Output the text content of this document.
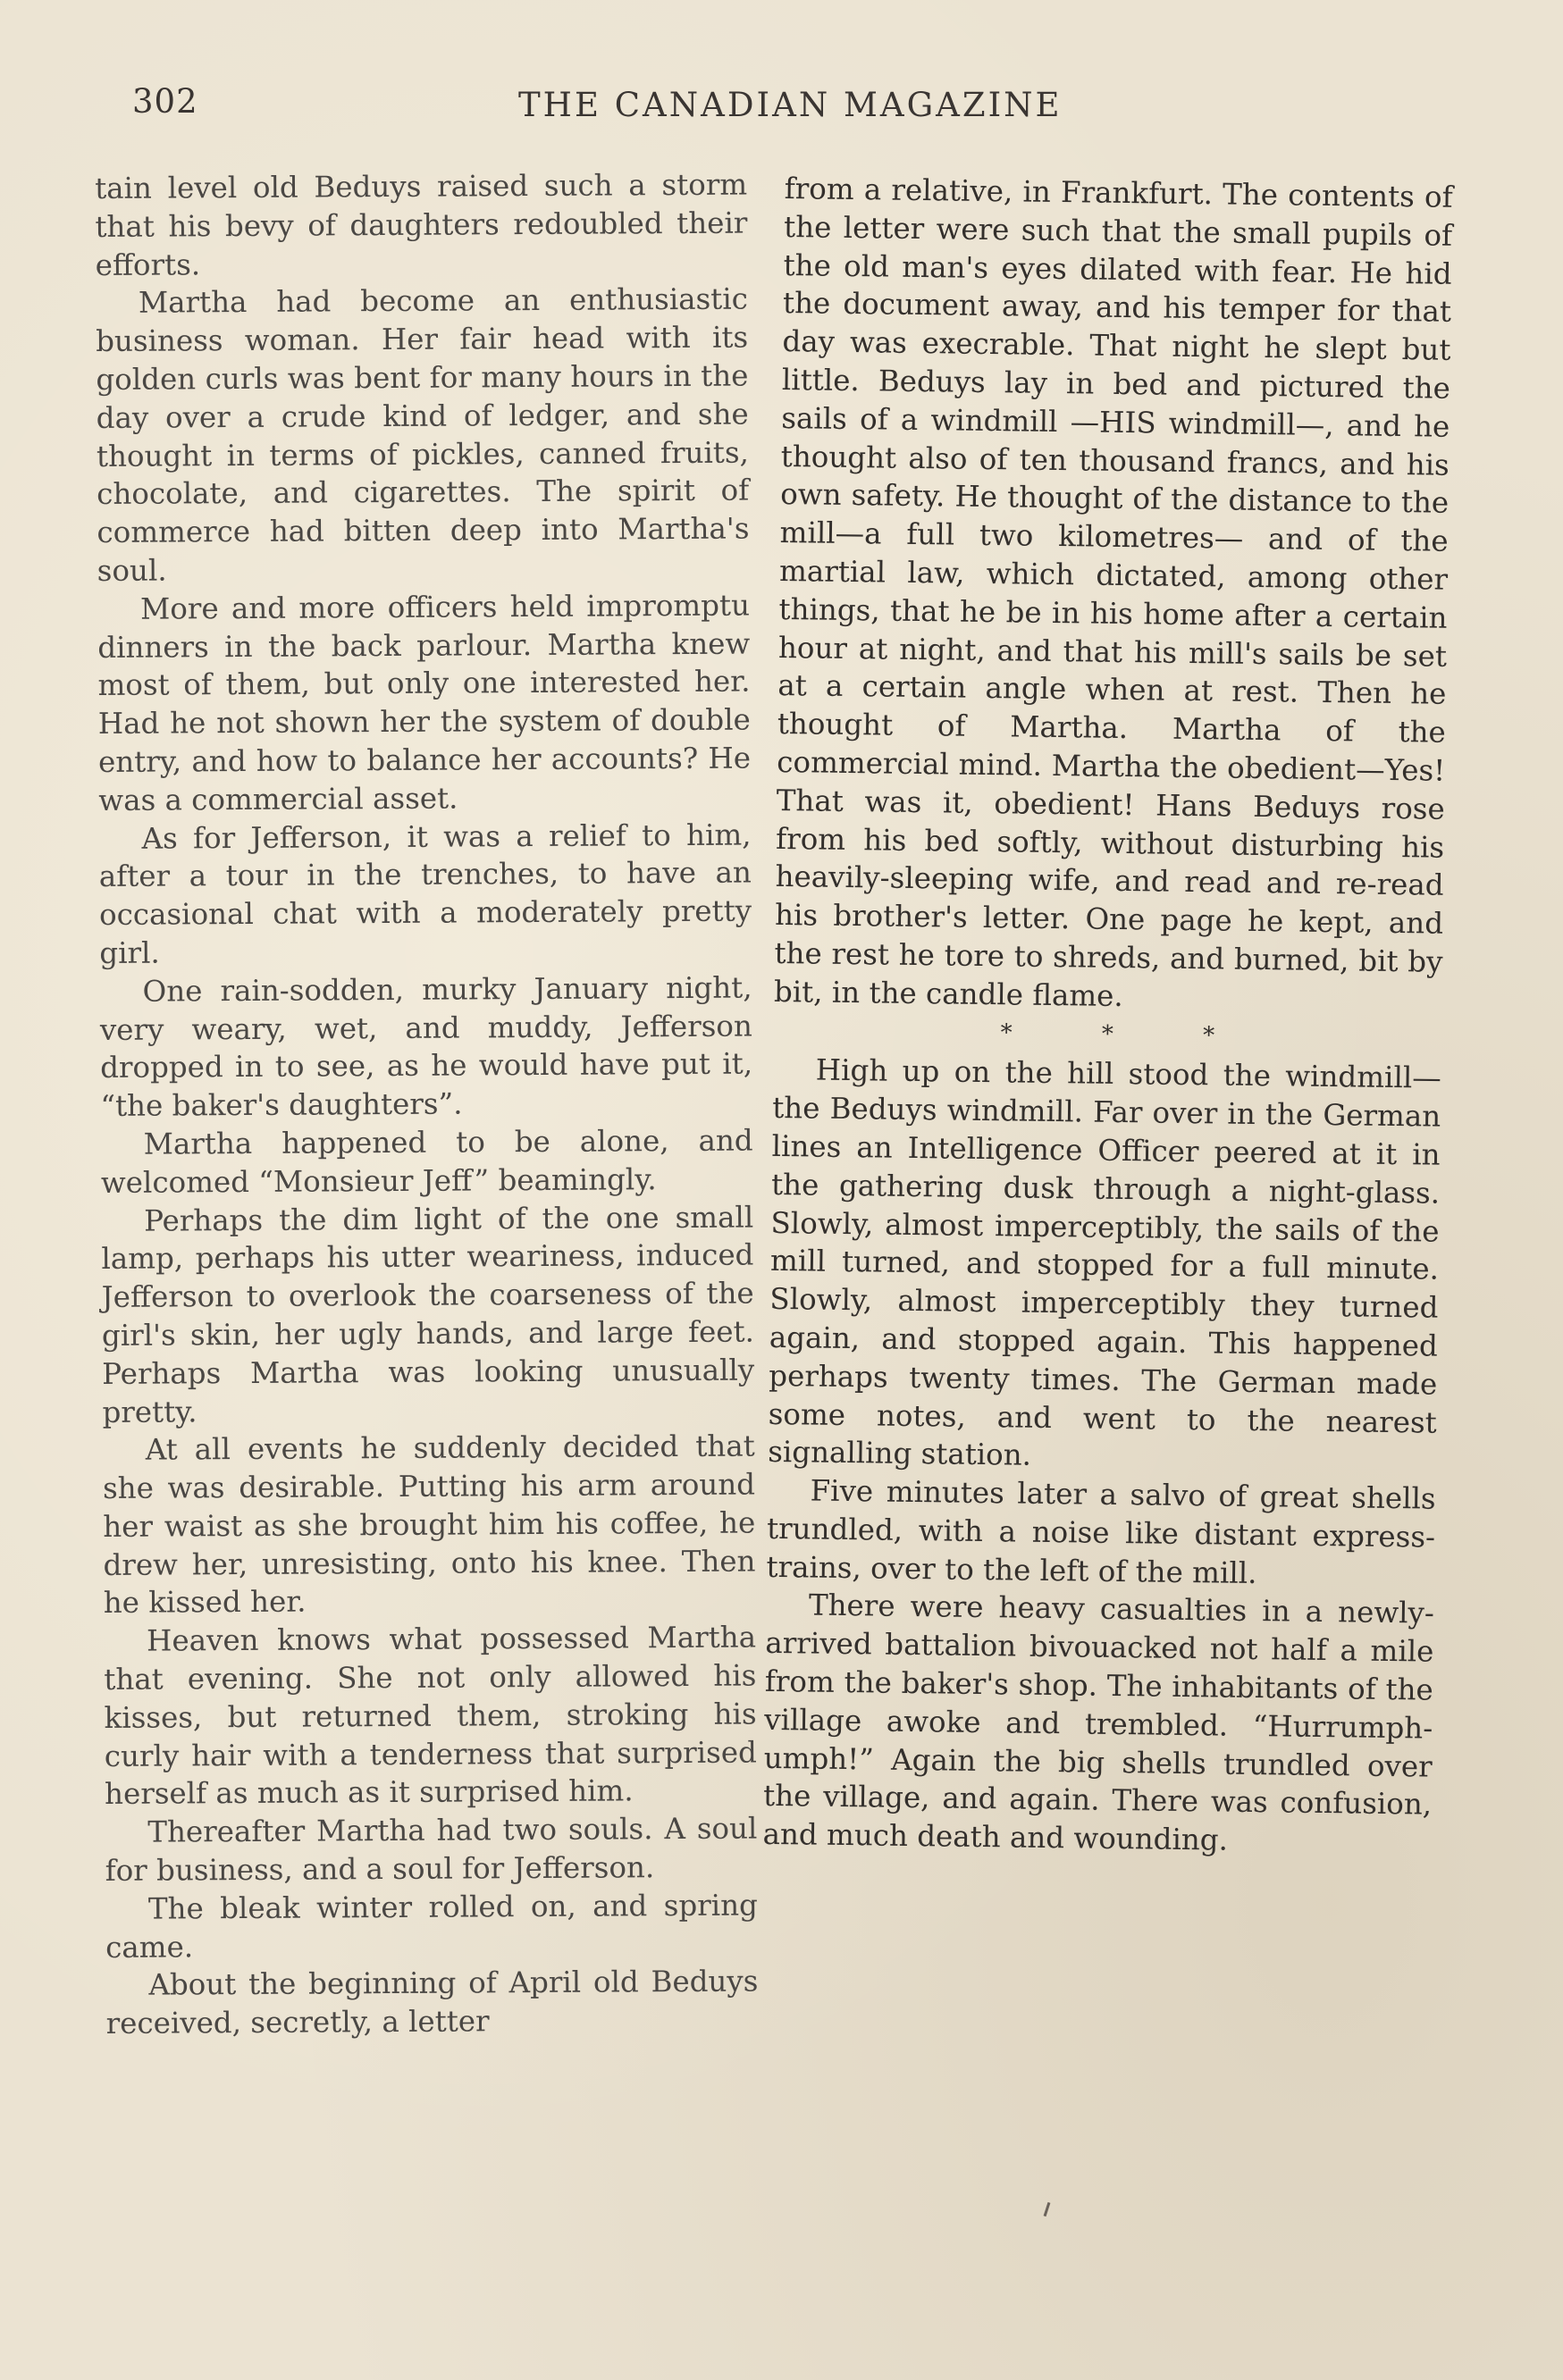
302	THE CANADIAN MAGAZINE

tain level old Beduys raised such a storm that his bevy of daughters redoubled their efforts.

Martha had become an enthusiastic business woman. Her fair head with its golden curls was bent for many hours in the day over a crude kind of ledger, and she thought in terms of pickles, canned fruits, chocolate, and cigarettes. The spirit of commerce had bitten deep into Martha's soul.

More and more officers held impromptu dinners in the back parlour. Martha knew most of them, but only one interested her. Had he not shown her the system of double entry, and how to balance her accounts? He was a commercial asset.

As for Jefferson, it was a relief to him, after a tour in the trenches, to have an occasional chat with a moderately pretty girl.

One rain-sodden, murky January night, very weary, wet, and muddy, Jefferson dropped in to see, as he would have put it, “the baker's daughters”.

Martha happened to be alone, and welcomed “Monsieur Jeff” beamingly.

Perhaps the dim light of the one small lamp, perhaps his utter weariness, induced Jefferson to overlook the coarseness of the girl's skin, her ugly hands, and large feet. Perhaps Martha was looking unusually pretty.

At all events he suddenly decided that she was desirable. Putting his arm around her waist as she brought him his coffee, he drew her, unresisting, onto his knee. Then he kissed her.

Heaven knows what possessed Martha that evening. She not only allowed his kisses, but returned them, stroking his curly hair with a tenderness that surprised herself as much as it surprised him.

Thereafter Martha had two souls. A soul for business, and a soul for Jefferson.

The bleak winter rolled on, and spring came.

About the beginning of April old Beduys received, secretly, a letter

from a relative, in Frankfurt. The contents of the letter were such that the small pupils of the old man's eyes dilated with fear. He hid the document away, and his temper for that day was execrable. That night he slept but little. Beduys lay in bed and pictured the sails of a windmill —HIS windmill—, and he thought also of ten thousand francs, and his own safety. He thought of the distance to the mill—a full two kilometres— and of the martial law, which dictated, among other things, that he be in his home after a certain hour at night, and that his mill's sails be set at a certain angle when at rest. Then he thought of Martha. Martha of the commercial mind. Martha the obedient—Yes! That was it, obedient! Hans Beduys rose from his bed softly, without disturbing his heavily-sleeping wife, and read and re-read his brother's letter. One page he kept, and the rest he tore to shreds, and burned, bit by bit, in the candle flame.

* * *

High up on the hill stood the windmill—the Beduys windmill. Far over in the German lines an Intelligence Officer peered at it in the gathering dusk through a night-glass. Slowly, almost imperceptibly, the sails of the mill turned, and stopped for a full minute. Slowly, almost imperceptibly they turned again, and stopped again. This happened perhaps twenty times. The German made some notes, and went to the nearest signalling station.

Five minutes later a salvo of great shells trundled, with a noise like distant express-trains, over to the left of the mill.

There were heavy casualties in a newly-arrived battalion bivouacked not half a mile from the baker's shop. The inhabitants of the village awoke and trembled. “Hurrumph-umph!” Again the big shells trundled over the village, and again. There was confusion, and much death and wounding.
